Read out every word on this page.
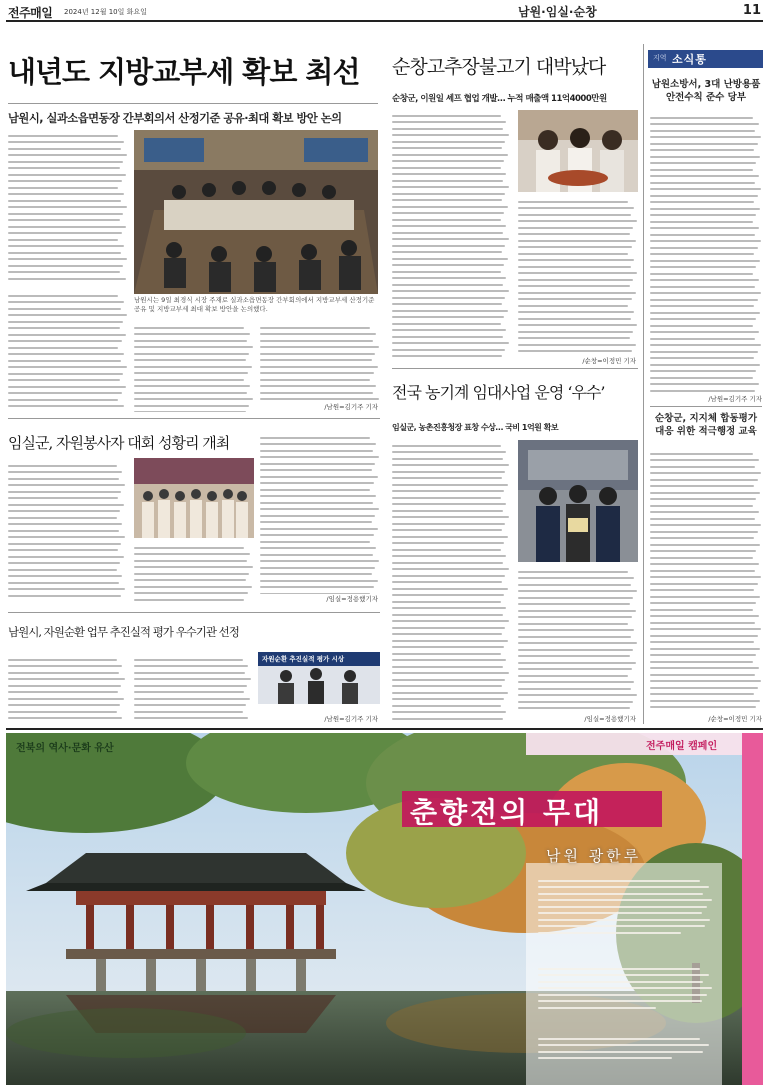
전주매일 2024년 12월 10일 화요일	남원·임실·순창	11
내년도 지방교부세 확보 최선
남원시, 실과소읍면동장 간부회의서 산정기준 공유·최대 확보 방안 논의
남원시는 9일 최경식 시장 주재로 실과소읍면동장 간부회의에서 지방교부세 산정기준 공유 및 지방교부세 최대 확보 방안을 논의했다.
/남원=김기주 기자
순창고추장불고기 대박났다
순창군, 이원일 셰프 협업 개발… 누적 매출액 11억4000만원
/순창=이정민 기자
지역 소식통
남원소방서, 3대 난방용품 안전수칙 준수 당부
/남원=김기주 기자
순창군, 지지체 합동평가 대응 위한 적극행정 교육
/순창=이정민 기자
전국 농기계 임대사업 운영 ‘우수’
임실군, 농촌진흥청장 표창 수상… 국비 1억원 확보
/임실=정용했기자
임실군, 자원봉사자 대회 성황리 개최
/임실=정용했기자
남원시, 자원순환 업무 추진실적 평가 우수기관 선정
자원순환 추진실적 평가 시상
/남원=김기주 기자
전북의 역사·문화 유산	전주매일 캠페인
춘향전의 무대
남원 광한루
